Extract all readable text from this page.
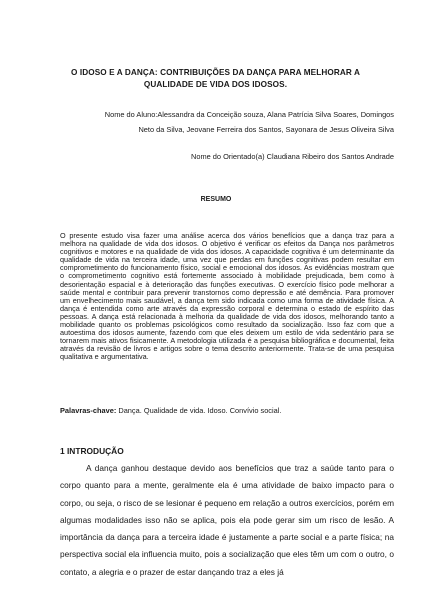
O IDOSO E A DANÇA: CONTRIBUIÇÕES DA DANÇA PARA MELHORAR A QUALIDADE DE VIDA DOS IDOSOS.
Nome do Aluno:Alessandra da Conceição souza, Alana Patrícia Silva Soares, Domingos Neto da Silva, Jeovane Ferreira dos Santos, Sayonara de Jesus Oliveira Silva
Nome do Orientado(a) Claudiana Ribeiro dos Santos Andrade
RESUMO

O presente estudo visa fazer uma análise acerca dos vários benefícios que a dança traz para a melhora na qualidade de vida dos idosos. O objetivo é verificar os efeitos da Dança nos parâmetros cognitivos e motores e na qualidade de vida dos idosos. A capacidade cognitiva é um determinante da qualidade de vida na terceira idade, uma vez que perdas em funções cognitivas podem resultar em comprometimento do funcionamento físico, social e emocional dos idosos. As evidências mostram que o comprometimento cognitivo está fortemente associado à mobilidade prejudicada, bem como à desorientação espacial e à deterioração das funções executivas. O exercício físico pode melhorar a saúde mental e contribuir para prevenir transtornos como depressão e até demência. Para promover um envelhecimento mais saudável, a dança tem sido indicada como uma forma de atividade física. A dança é entendida como arte através da expressão corporal e determina o estado de espírito das pessoas. A dança está relacionada à melhoria da qualidade de vida dos idosos, melhorando tanto a mobilidade quanto os problemas psicológicos como resultado da socialização. Isso faz com que a autoestima dos idosos aumente, fazendo com que eles deixem um estilo de vida sedentário para se tornarem mais ativos fisicamente. A metodologia utilizada é a pesquisa bibliográfica e documental, feita através da revisão de livros e artigos sobre o tema descrito anteriormente. Trata-se de uma pesquisa qualitativa e argumentativa.

Palavras-chave: Dança. Qualidade de vida. Idoso. Convívio social.
1 INTRODUÇÃO

A dança ganhou destaque devido aos benefícios que traz a saúde tanto para o corpo quanto para a mente, geralmente ela é uma atividade de baixo impacto para o corpo, ou seja, o risco de se lesionar é pequeno em relação a outros exercícios, porém em algumas modalidades isso não se aplica, pois ela pode gerar sim um risco de lesão. A importância da dança para a terceira idade é justamente a parte social e a parte física; na perspectiva social ela influencia muito, pois a socialização que eles têm um com o outro, o contato, a alegria e o prazer de estar dançando traz a eles já
